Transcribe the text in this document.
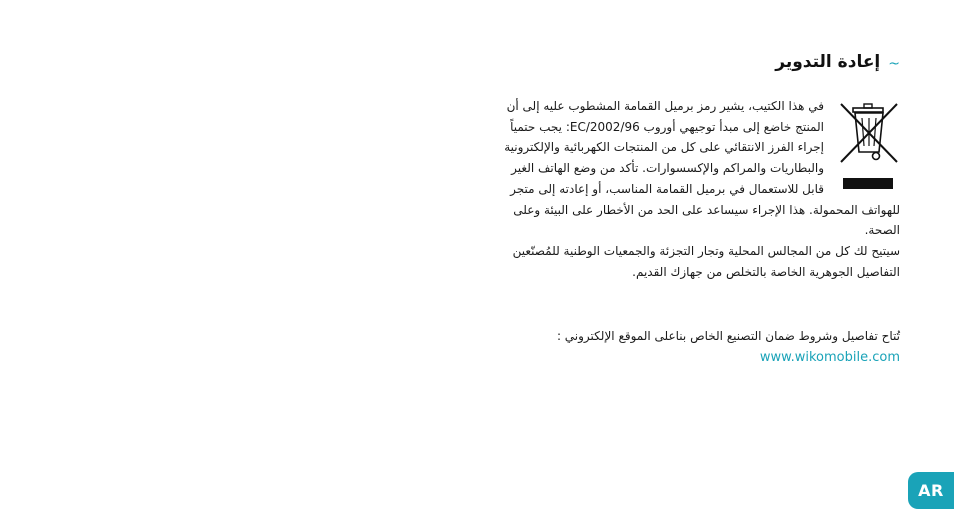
~
إعادة التدوير

في هذا الكتيب، يشير رمز برميل القمامة المشطوب عليه إلى أن المنتج خاضع إلى مبدأ توجيهي أوروب 2002/96/EC: يجب حتمياً إجراء الفرز الانتقائي على كل من المنتجات الكهربائية والإلكترونية والبطاريات والمراكم والإكسسوارات. تأكد من وضع الهاتف الغير قابل للاستعمال في برميل القمامة المناسب، أو إعادته إلى متجر للهواتف المحمولة. هذا الإجراء سيساعد على الحد من الأخطار على البيئة وعلى الصحة.

سيتيح لك كل من المجالس المحلية وتجار التجزئة والجمعيات الوطنية للمُصنّعين التفاصيل الجوهرية الخاصة بالتخلص من جهازك القديم.

تُتاح تفاصيل وشروط ضمان التصنيع الخاص بناعلى الموقع الإلكتروني :

www.wikomobile.com
AR
